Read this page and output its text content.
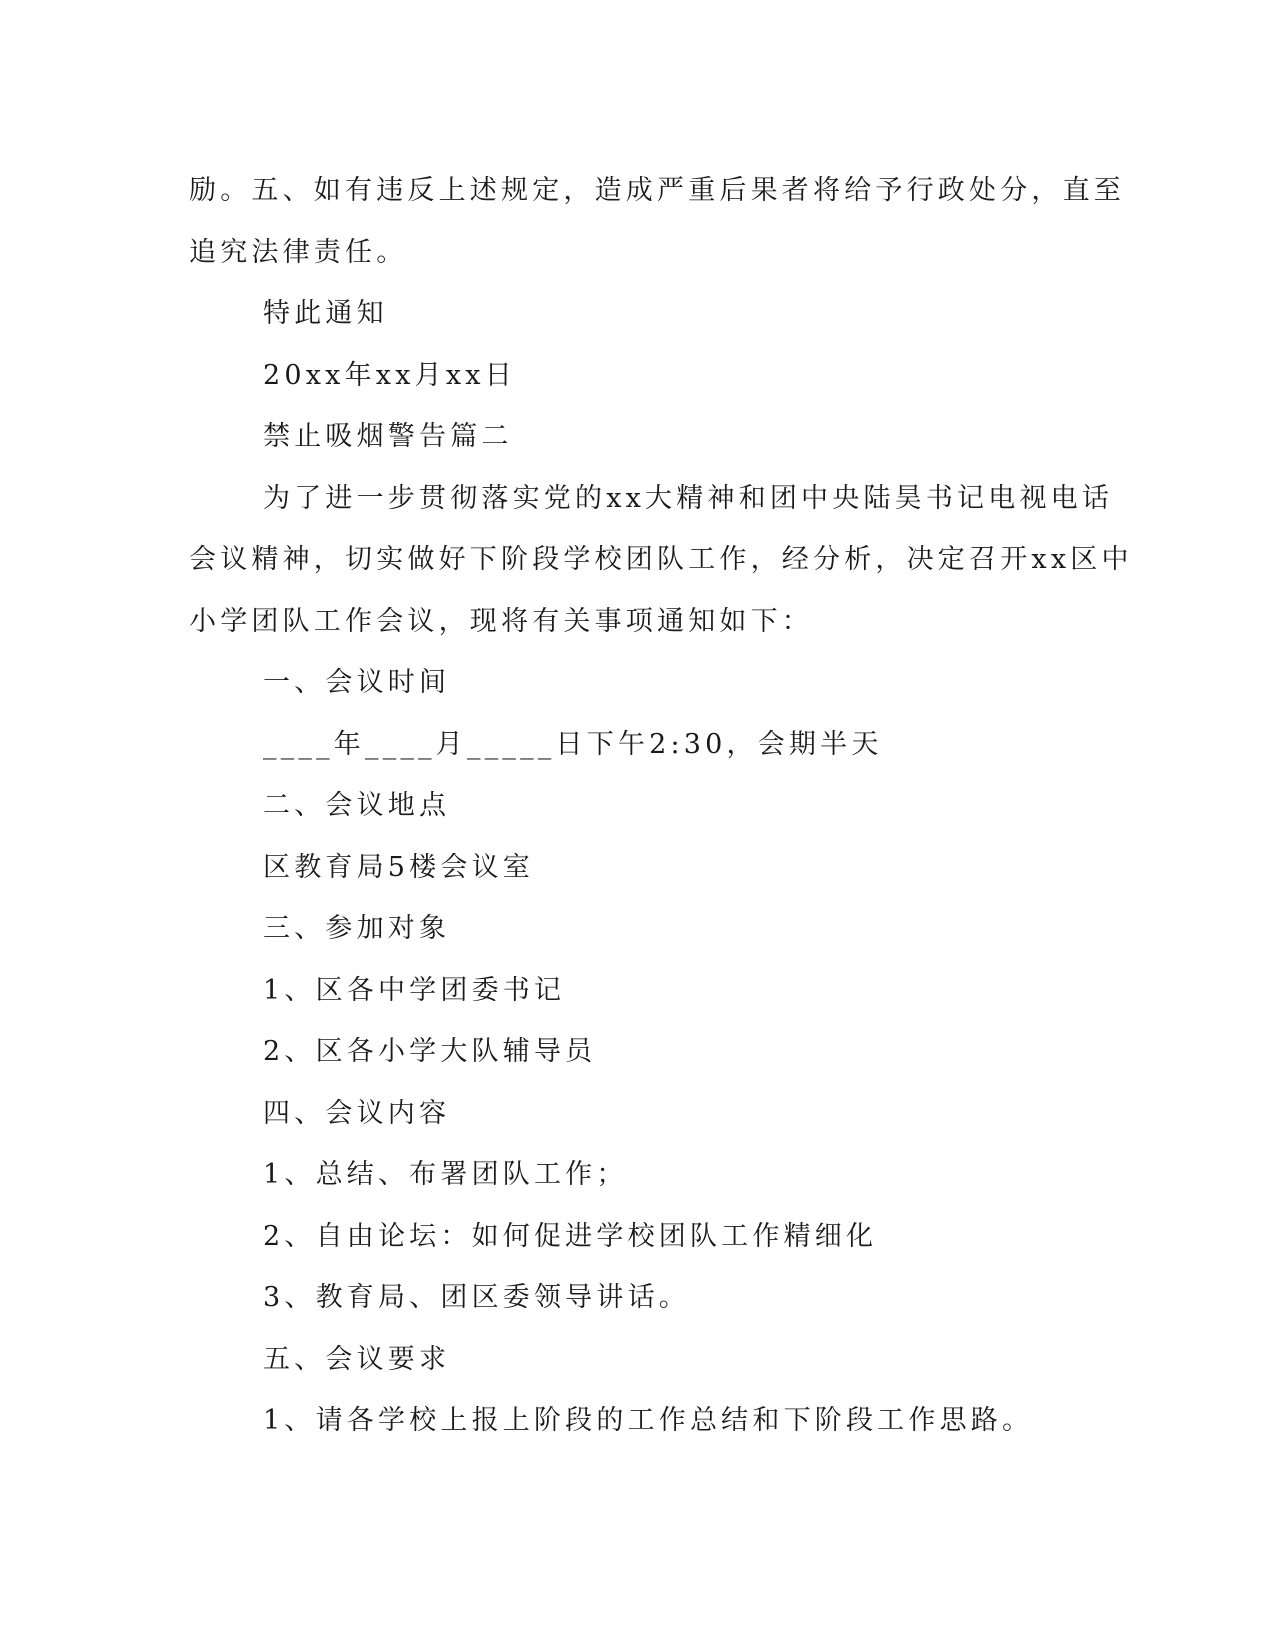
励。五、如有违反上述规定，造成严重后果者将给予行政处分，直至

追究法律责任。

特此通知

20xx年xx月xx日

禁止吸烟警告篇二

为了进一步贯彻落实党的xx大精神和团中央陆昊书记电视电话

会议精神，切实做好下阶段学校团队工作，经分析，决定召开xx区中

小学团队工作会议，现将有关事项通知如下：

一、会议时间

____年____月_____日下午2:30，会期半天

二、会议地点

区教育局5楼会议室

三、参加对象

1、区各中学团委书记

2、区各小学大队辅导员

四、会议内容

1、总结、布署团队工作；

2、自由论坛：如何促进学校团队工作精细化

3、教育局、团区委领导讲话。

五、会议要求

1、请各学校上报上阶段的工作总结和下阶段工作思路。
